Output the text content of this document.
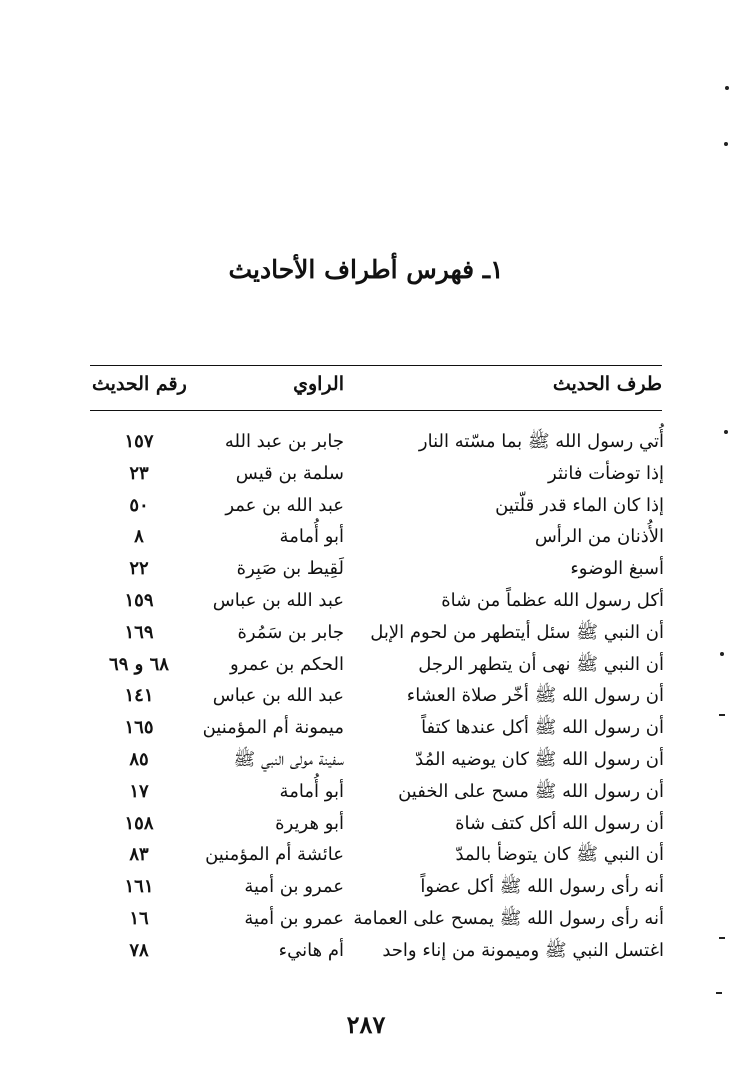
١ـ فهرس أطراف الأحاديث
طرف الحديث
الراوي
رقم الحديث
أُتي رسول الله ﷺ بما مسّته النار
جابر بن عبد الله
١٥٧
إذا توضأت فانثر
سلمة بن قيس
٢٣
إذا كان الماء قدر قلّتين
عبد الله بن عمر
٥٠
الأُذنان من الرأس
أبو أُمامة
٨
أسبغ الوضوء
لَقِيط بن صَبِرة
٢٢
أكل رسول الله عظماً من شاة
عبد الله بن عباس
١٥٩
أن النبي ﷺ سئل أيتطهر من لحوم الإبل
جابر بن سَمُرة
١٦٩
أن النبي ﷺ نهى أن يتطهر الرجل
الحكم بن عمرو
٦٨ و ٦٩
أن رسول الله ﷺ أخّر صلاة العشاء
عبد الله بن عباس
١٤١
أن رسول الله ﷺ أكل عندها كتفاً
ميمونة أم المؤمنين
١٦٥
أن رسول الله ﷺ كان يوضيه المُدّ
سفينة مولى النبي ﷺ
٨٥
أن رسول الله ﷺ مسح على الخفين
أبو أُمامة
١٧
أن رسول الله أكل كتف شاة
أبو هريرة
١٥٨
أن النبي ﷺ كان يتوضأ بالمدّ
عائشة أم المؤمنين
٨٣
أنه رأى رسول الله ﷺ أكل عضواً
عمرو بن أمية
١٦١
أنه رأى رسول الله ﷺ يمسح على العمامة
عمرو بن أمية
١٦
اغتسل النبي ﷺ وميمونة من إناء واحد
أم هانيء
٧٨
٢٨٧
